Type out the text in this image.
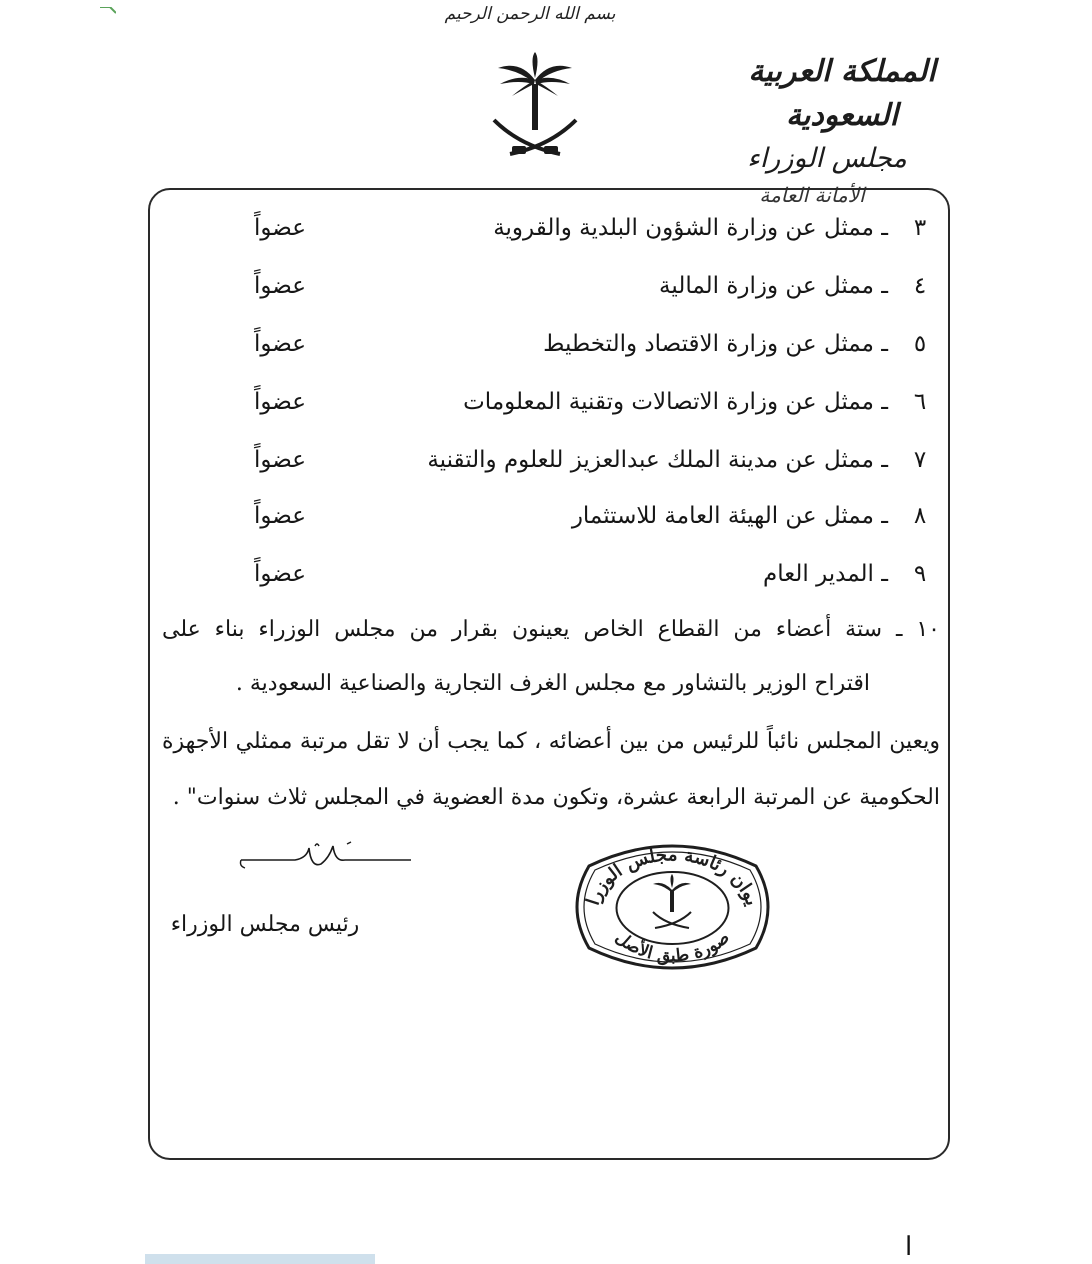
بسم الله الرحمن الرحيم
المملكة العربية السعودية
مجلس الوزراء
الأمانة العامة
٣
ـ ممثل عن وزارة الشؤون البلدية والقروية
عضواً
٤
ـ ممثل عن وزارة المالية
عضواً
٥
ـ ممثل عن وزارة الاقتصاد والتخطيط
عضواً
٦
ـ ممثل عن وزارة الاتصالات وتقنية المعلومات
عضواً
٧
ـ ممثل عن مدينة الملك عبدالعزيز للعلوم والتقنية
عضواً
٨
ـ ممثل عن الهيئة العامة للاستثمار
عضواً
٩
ـ المدير العام
عضواً
١٠ ـ ستة أعضاء من القطاع الخاص يعينون بقرار من مجلس الوزراء بناء على
اقتراح الوزير بالتشاور مع مجلس الغرف التجارية والصناعية السعودية .
ويعين المجلس نائباً للرئيس من بين أعضائه ، كما يجب أن لا تقل مرتبة ممثلي الأجهزة
الحكومية عن المرتبة الرابعة عشرة، وتكون مدة العضوية في المجلس ثلاث سنوات" .
رئيس مجلس الوزراء
يوان رئاسة مجلس الوزرا
صورة طبق الأصل
ا
